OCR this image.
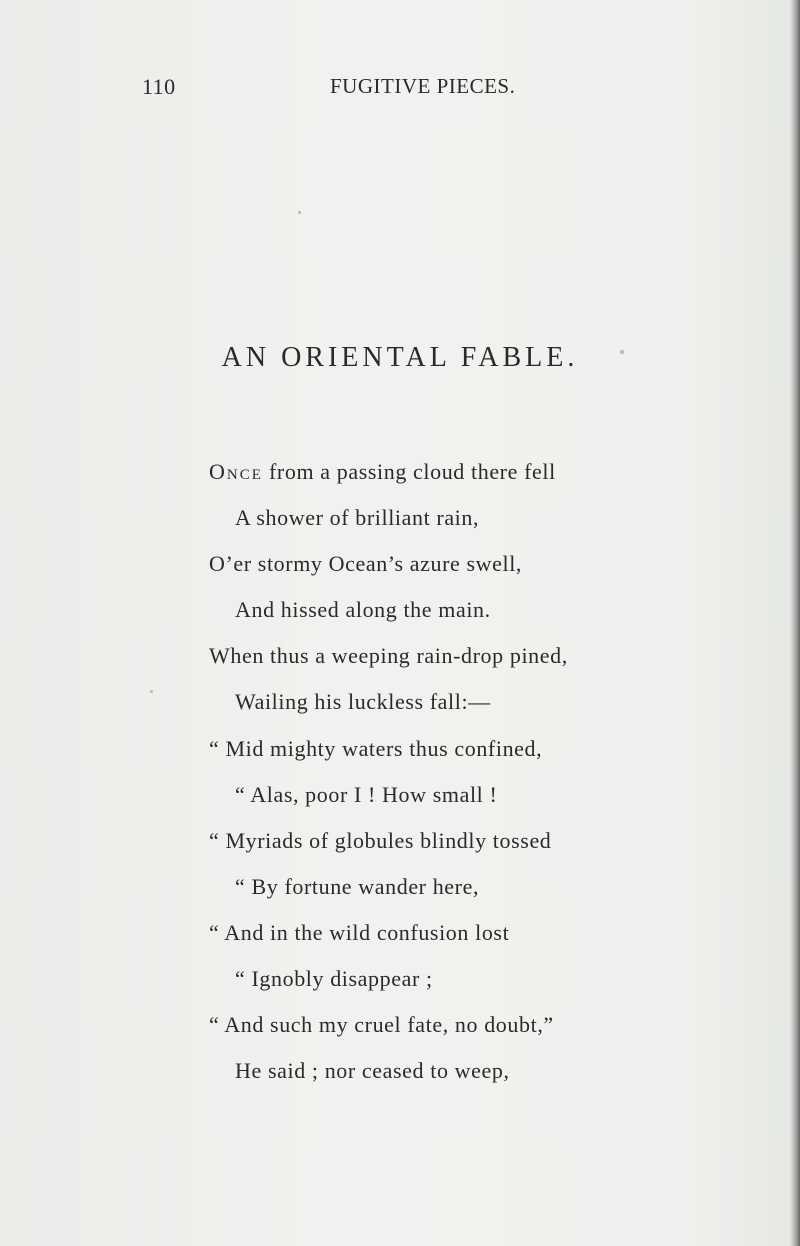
110	FUGITIVE PIECES.
AN ORIENTAL FABLE.
Once from a passing cloud there fell
A shower of brilliant rain,
O’er stormy Ocean’s azure swell,
And hissed along the main.
When thus a weeping rain-drop pined,
Wailing his luckless fall:—
“ Mid mighty waters thus confined,
“ Alas, poor I ! How small !
“ Myriads of globules blindly tossed
“ By fortune wander here,
“ And in the wild confusion lost
“ Ignobly disappear ;
“ And such my cruel fate, no doubt,”
He said ; nor ceased to weep,
